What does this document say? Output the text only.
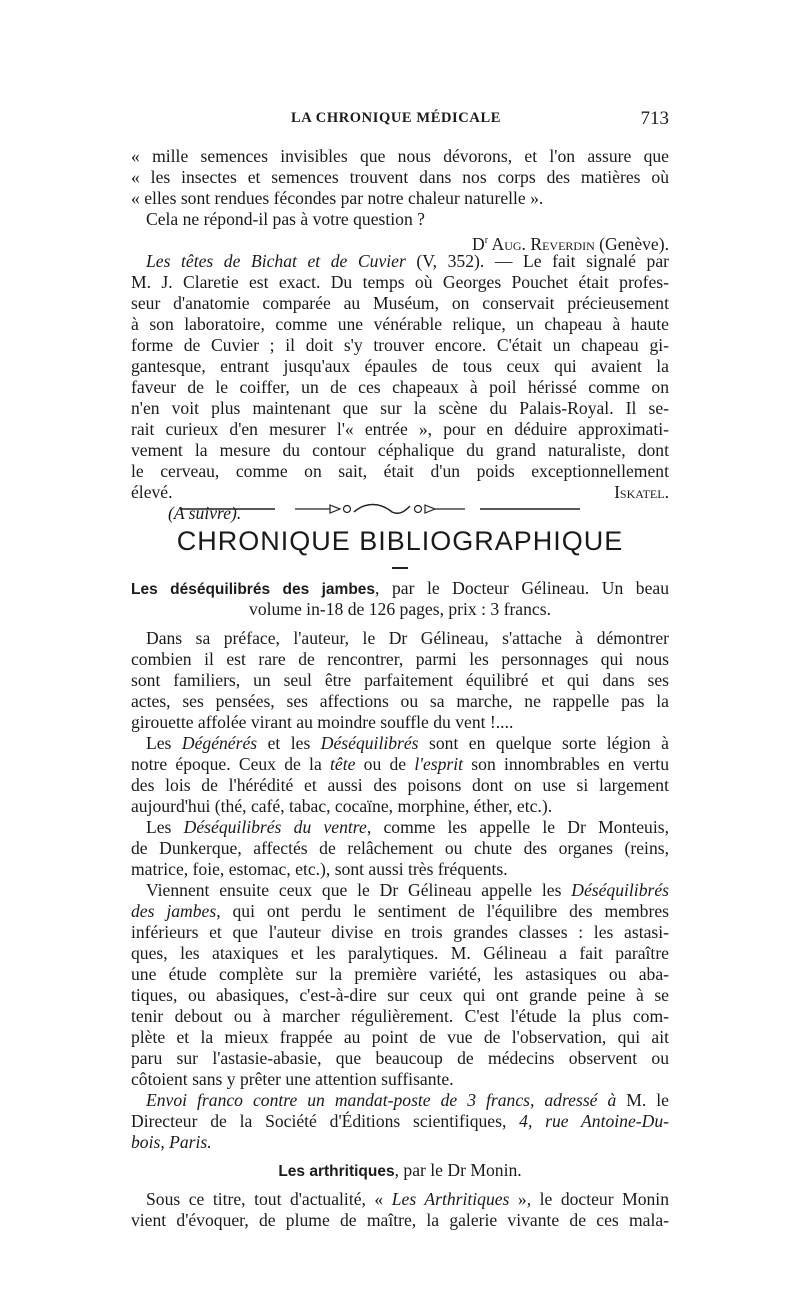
LA CHRONIQUE MÉDICALE	713
« mille semences invisibles que nous dévorons, et l'on assure que
« les insectes et semences trouvent dans nos corps des matières où
« elles sont rendues fécondes par notre chaleur naturelle ».
Cela ne répond-il pas à votre question ?
$D^r$ Aug. Reverdin (Genève).
Les têtes de Bichat et de Cuvier (V, 352). — Le fait signalé par
M. J. Claretie est exact. Du temps où Georges Pouchet était profes-
seur d'anatomie comparée au Muséum, on conservait précieusement
à son laboratoire, comme une vénérable relique, un chapeau à haute
forme de Cuvier ; il doit s'y trouver encore. C'était un chapeau gi-
gantesque, entrant jusqu'aux épaules de tous ceux qui avaient la
faveur de le coiffer, un de ces chapeaux à poil hérissé comme on
n'en voit plus maintenant que sur la scène du Palais-Royal. Il se-
rait curieux d'en mesurer l'« entrée », pour en déduire approximati-
vement la mesure du contour céphalique du grand naturaliste, dont
le cerveau, comme on sait, était d'un poids exceptionnellement
élevé.	Iskatel.
(A suivre).
CHRONIQUE BIBLIOGRAPHIQUE
Les déséquilibrés des jambes, par le Docteur Gélineau. Un beau
volume in-18 de 126 pages, prix : 3 francs.
Dans sa préface, l'auteur, le Dr Gélineau, s'attache à démontrer
combien il est rare de rencontrer, parmi les personnages qui nous
sont familiers, un seul être parfaitement équilibré et qui dans ses
actes, ses pensées, ses affections ou sa marche, ne rappelle pas la
girouette affolée virant au moindre souffle du vent !....
Les Dégénérés et les Déséquilibrés sont en quelque sorte légion à
notre époque. Ceux de la tête ou de l'esprit son innombrables en vertu
des lois de l'hérédité et aussi des poisons dont on use si largement
aujourd'hui (thé, café, tabac, cocaïne, morphine, éther, etc.).
Les Déséquilibrés du ventre, comme les appelle le Dr Monteuis,
de Dunkerque, affectés de relâchement ou chute des organes (reins,
matrice, foie, estomac, etc.), sont aussi très fréquents.
Viennent ensuite ceux que le Dr Gélineau appelle les Déséquilibrés
des jambes, qui ont perdu le sentiment de l'équilibre des membres
inférieurs et que l'auteur divise en trois grandes classes : les astasi-
ques, les ataxiques et les paralytiques. M. Gélineau a fait paraître
une étude complète sur la première variété, les astasiques ou aba-
tiques, ou abasiques, c'est-à-dire sur ceux qui ont grande peine à se
tenir debout ou à marcher régulièrement. C'est l'étude la plus com-
plète et la mieux frappée au point de vue de l'observation, qui ait
paru sur l'astasie-abasie, que beaucoup de médecins observent ou
côtoient sans y prêter une attention suffisante.
Envoi franco contre un mandat-poste de 3 francs, adressé à M. le
Directeur de la Société d'Éditions scientifiques, 4, rue Antoine-Du-
bois, Paris.
Les arthritiques, par le Dr Monin.
Sous ce titre, tout d'actualité, « Les Arthritiques », le docteur Monin
vient d'évoquer, de plume de maître, la galerie vivante de ces mala-
